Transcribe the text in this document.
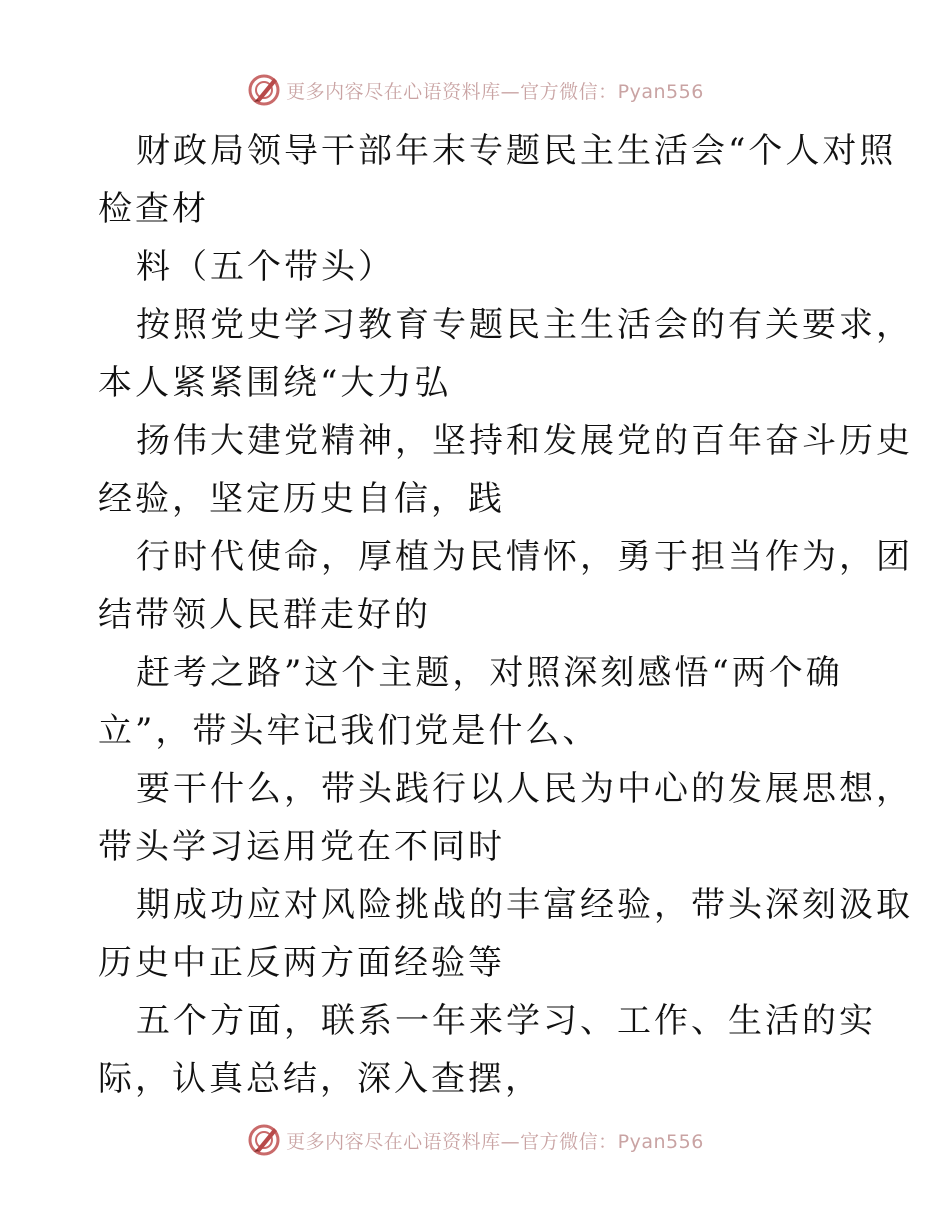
更多内容尽在心语资料库—官方微信：Pyan556
财政局领导干部年末专题民主生活会“个人对照
检查材
料（五个带头）
按照党史学习教育专题民主生活会的有关要求，
本人紧紧围绕“大力弘
扬伟大建党精神，坚持和发展党的百年奋斗历史
经验，坚定历史自信，践
行时代使命，厚植为民情怀，勇于担当作为，团
结带领人民群走好的
赶考之路”这个主题，对照深刻感悟“两个确
立”，带头牢记我们党是什么、
要干什么，带头践行以人民为中心的发展思想，
带头学习运用党在不同时
期成功应对风险挑战的丰富经验，带头深刻汲取
历史中正反两方面经验等
五个方面，联系一年来学习、工作、生活的实
际，认真总结，深入查摆，
更多内容尽在心语资料库—官方微信：Pyan556
